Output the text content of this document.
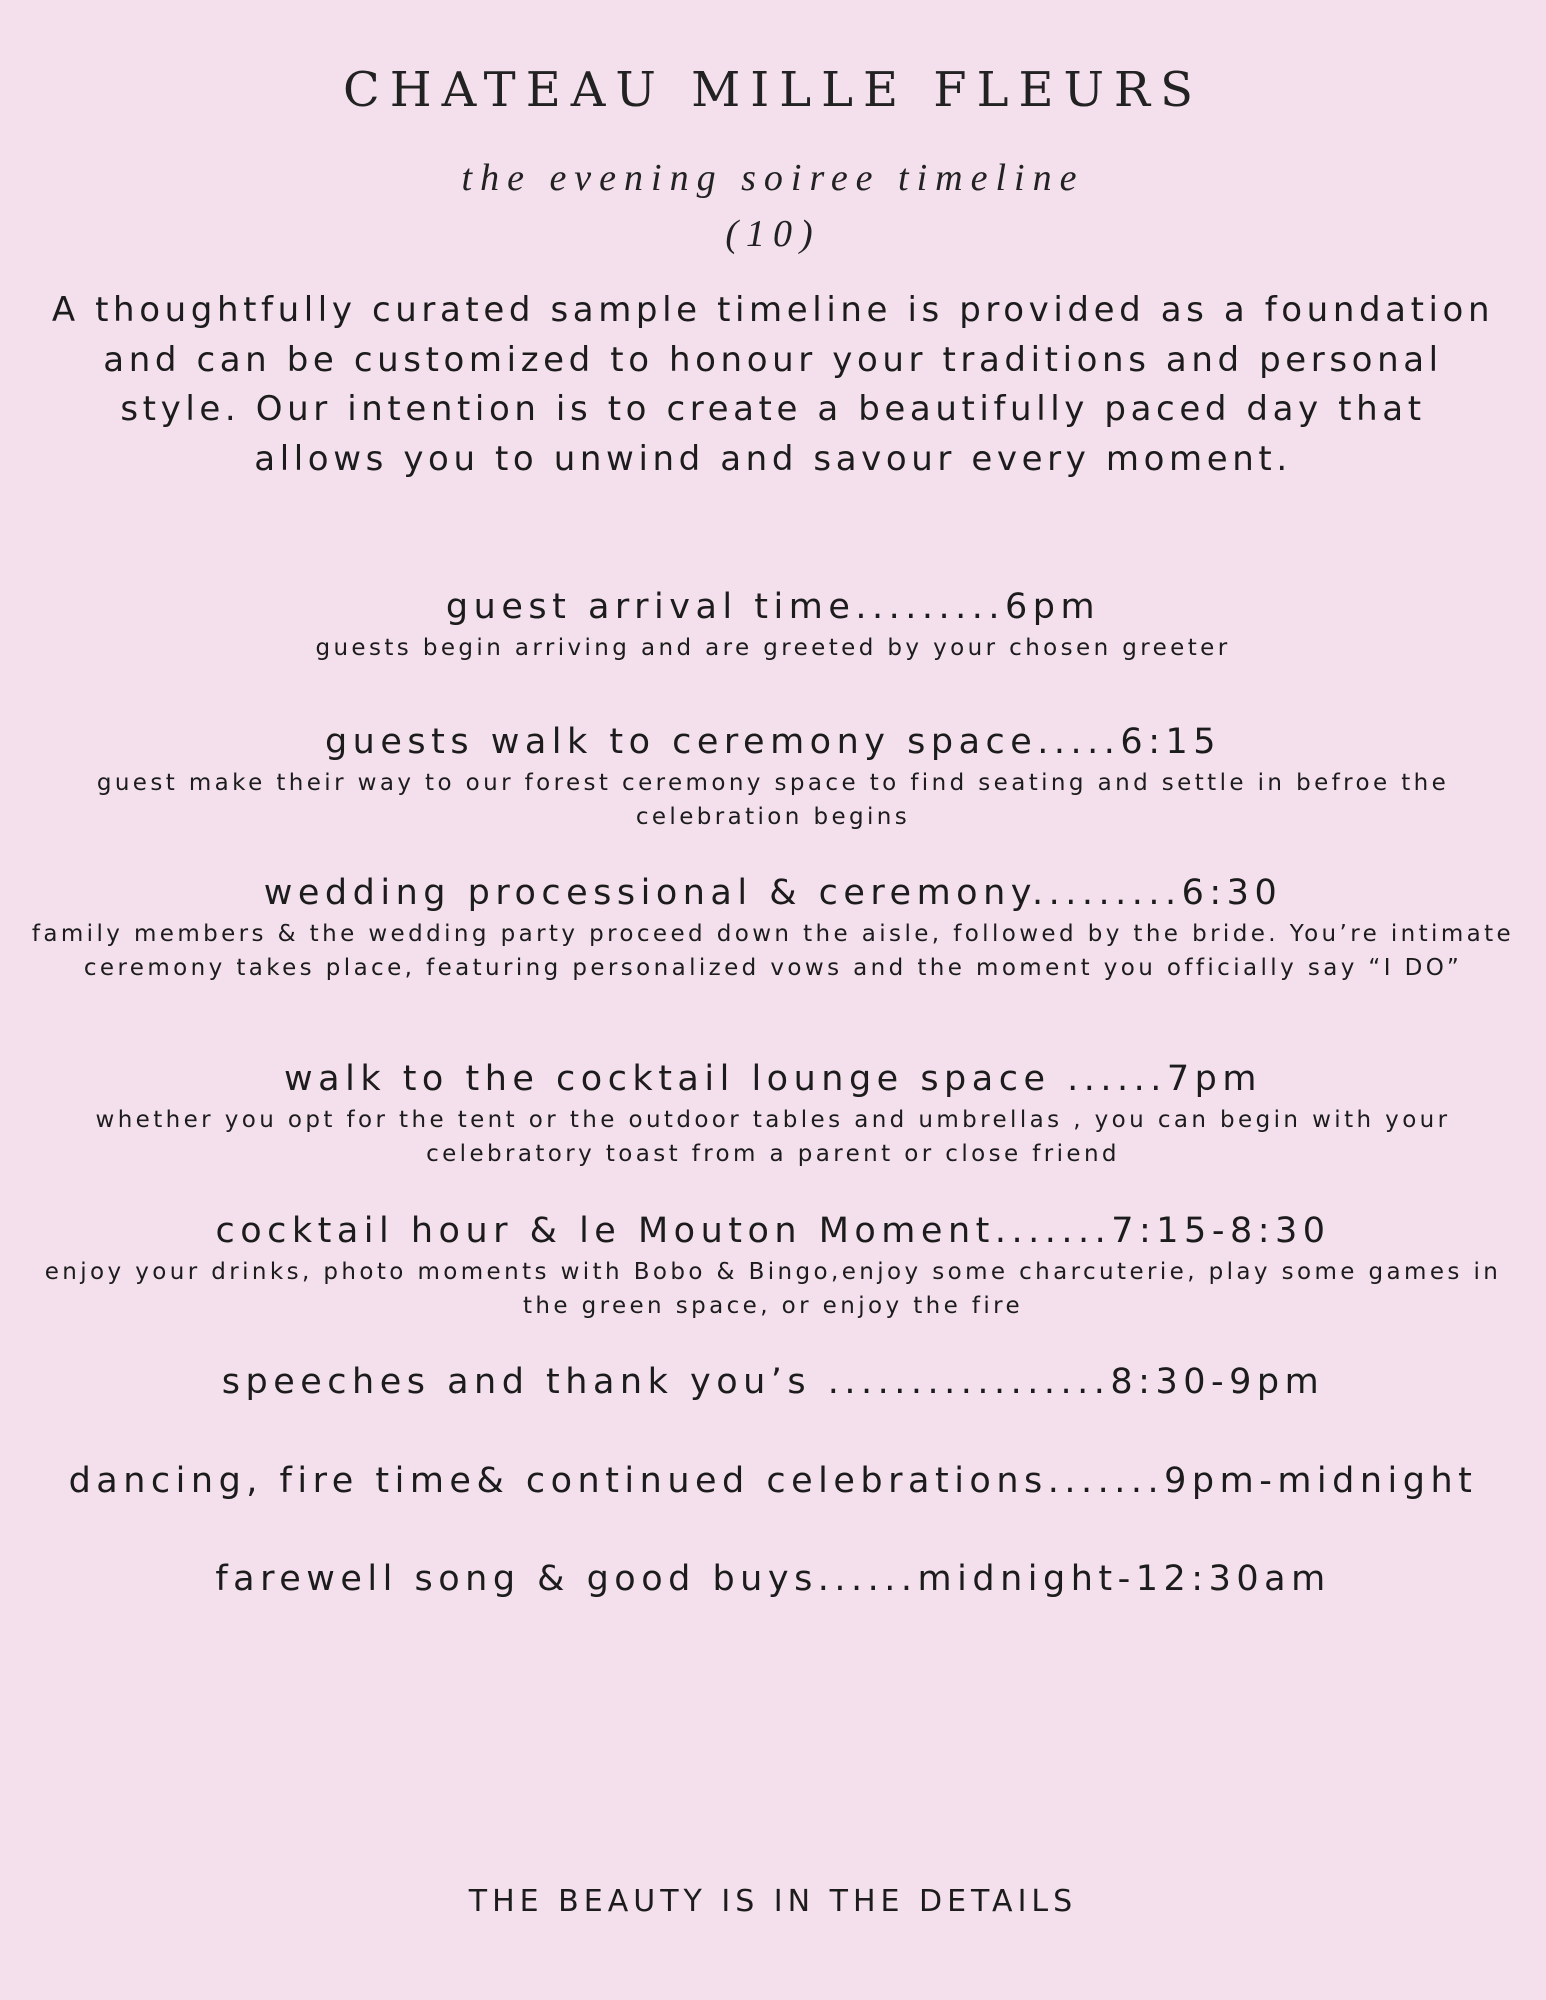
CHATEAU MILLE FLEURS
the evening soiree timeline
(10)

A thoughtfully curated sample timeline is provided as a foundation and can be customized to honour your traditions and personal style. Our intention is to create a beautifully paced day that allows you to unwind and savour every moment.

guest arrival time.........6pm

guests begin arriving and are greeted by your chosen greeter

guests walk to ceremony space.....6:15

guest make their way to our forest ceremony space to find seating and settle in befroe the celebration begins

wedding processional & ceremony.........6:30

family members & the wedding party proceed down the aisle, followed by the bride. You’re intimate ceremony takes place, featuring personalized vows and the moment you officially say “I DO”

walk to the cocktail lounge space ......7pm

whether you opt for the tent or the outdoor tables and umbrellas , you can begin with your celebratory toast from a parent or close friend

cocktail hour & le Mouton Moment.......7:15-8:30

enjoy your drinks, photo moments with Bobo & Bingo,enjoy some charcuterie, play some games in the green space, or enjoy the fire

speeches and thank you’s .................8:30-9pm

dancing, fire time& continued celebrations.......9pm-midnight

farewell song & good buys......midnight-12:30am

THE BEAUTY IS IN THE DETAILS
